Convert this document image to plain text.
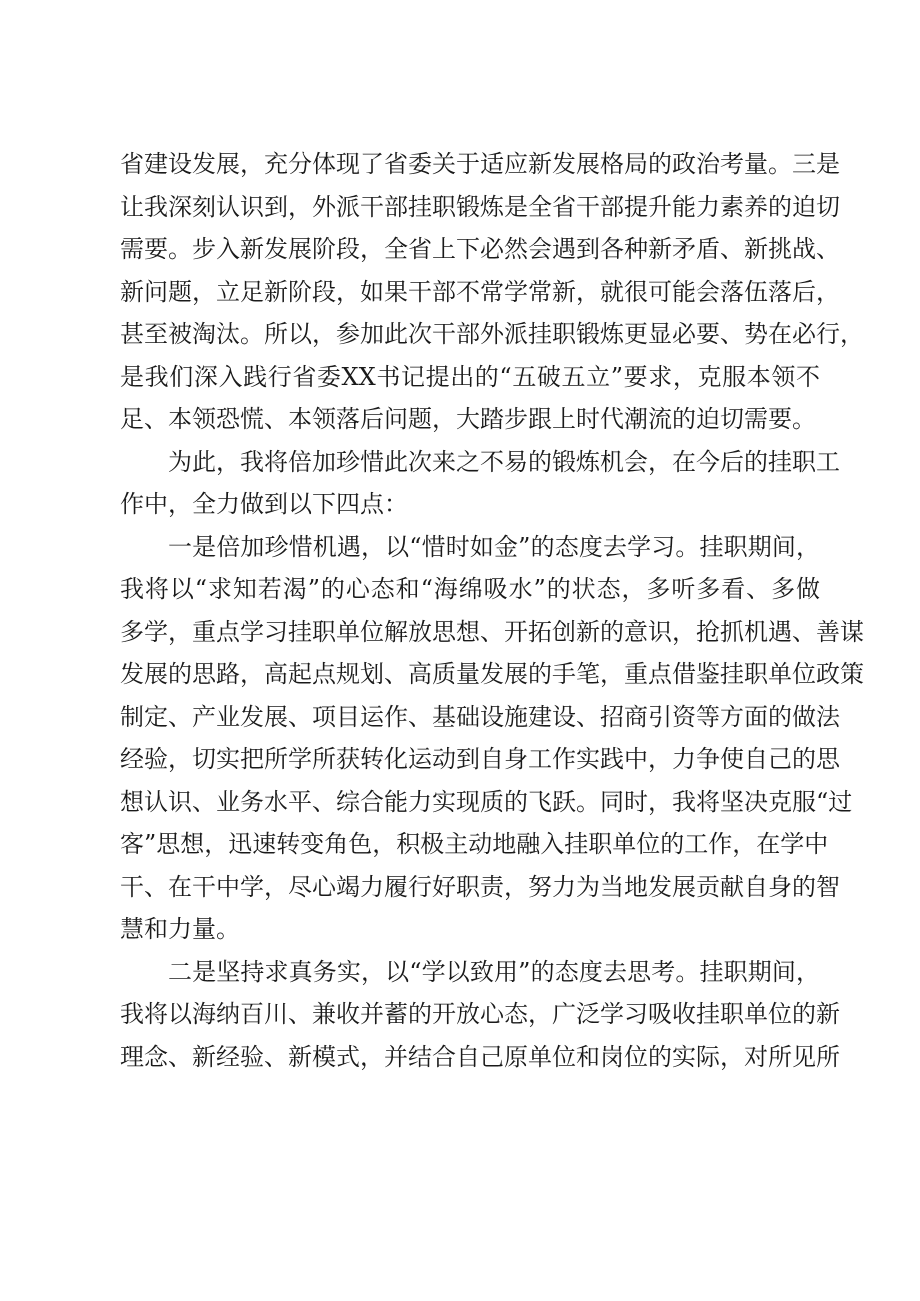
省建设发展，充分体现了省委关于适应新发展格局的政治考量。三是
让我深刻认识到，外派干部挂职锻炼是全省干部提升能力素养的迫切
需要。步入新发展阶段，全省上下必然会遇到各种新矛盾、新挑战、
新问题，立足新阶段，如果干部不常学常新，就很可能会落伍落后，
甚至被淘汰。所以，参加此次干部外派挂职锻炼更显必要、势在必行，
是我们深入践行省委XX书记提出的“五破五立”要求，克服本领不
足、本领恐慌、本领落后问题，大踏步跟上时代潮流的迫切需要。
为此，我将倍加珍惜此次来之不易的锻炼机会，在今后的挂职工
作中，全力做到以下四点：
一是倍加珍惜机遇，以“惜时如金”的态度去学习。挂职期间，
我将以“求知若渴”的心态和“海绵吸水”的状态，多听多看、多做
多学，重点学习挂职单位解放思想、开拓创新的意识，抢抓机遇、善谋
发展的思路，高起点规划、高质量发展的手笔，重点借鉴挂职单位政策
制定、产业发展、项目运作、基础设施建设、招商引资等方面的做法
经验，切实把所学所获转化运动到自身工作实践中，力争使自己的思
想认识、业务水平、综合能力实现质的飞跃。同时，我将坚决克服“过
客”思想，迅速转变角色，积极主动地融入挂职单位的工作，在学中
干、在干中学，尽心竭力履行好职责，努力为当地发展贡献自身的智
慧和力量。
二是坚持求真务实，以“学以致用”的态度去思考。挂职期间，
我将以海纳百川、兼收并蓄的开放心态，广泛学习吸收挂职单位的新
理念、新经验、新模式，并结合自己原单位和岗位的实际，对所见所
